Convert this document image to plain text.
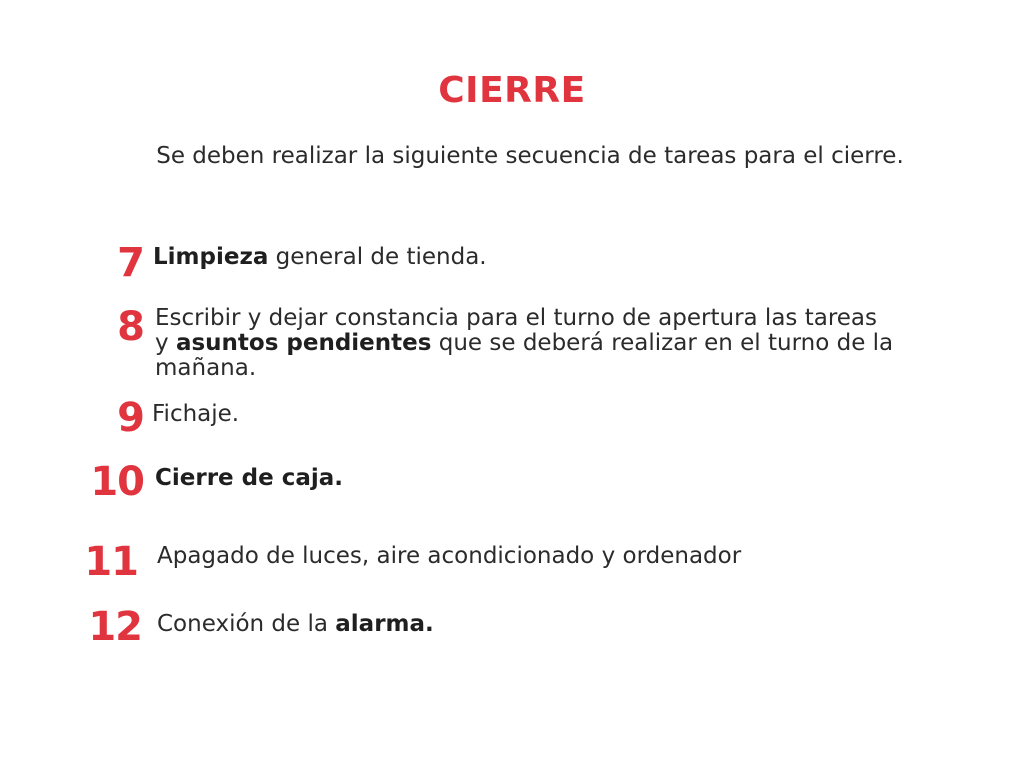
CIERRE
Se deben realizar la siguiente secuencia de tareas para el cierre.
7 Limpieza general de tienda.
8 Escribir y dejar constancia para el turno de apertura las tareas y asuntos pendientes que se deberá realizar en el turno de la mañana.
9 Fichaje.
10 Cierre de caja.
11 Apagado de luces, aire acondicionado y ordenador
12 Conexión de la alarma.
